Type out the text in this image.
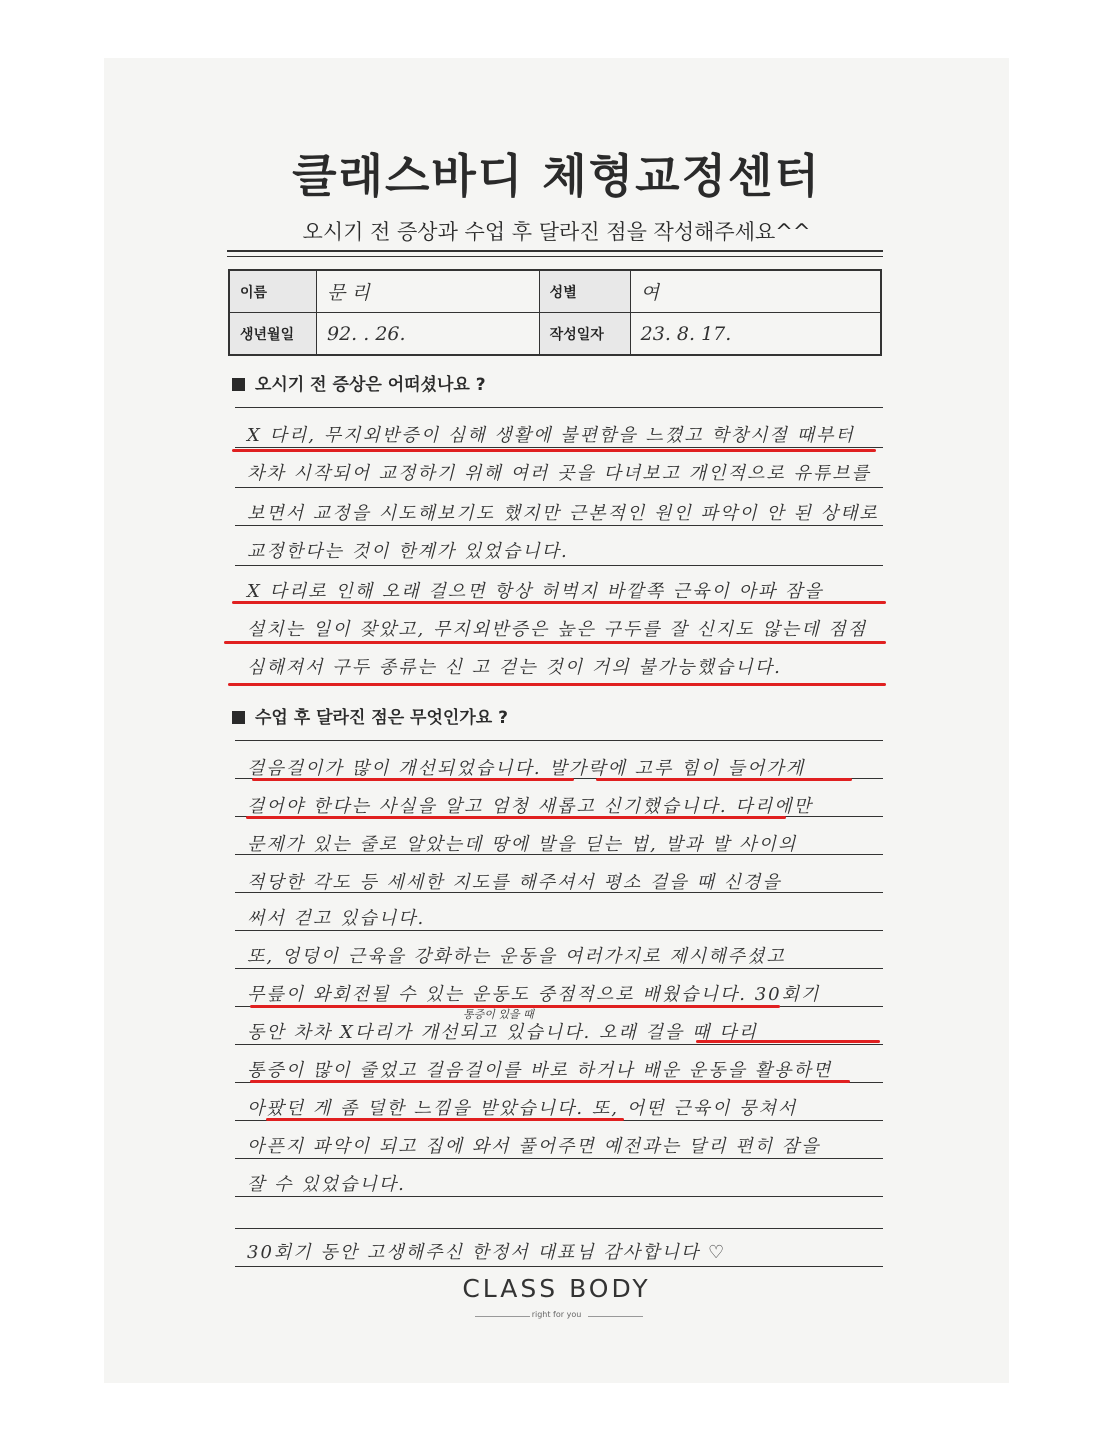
클래스바디 체형교정센터
오시기 전 증상과 수업 후 달라진 점을 작성해주세요^^
이름	문 리	성별	여
생년월일	92. . 26.	작성일자	23. 8. 17.
오시기 전 증상은 어떠셨나요 ?
X 다리, 무지외반증이 심해 생활에 불편함을 느꼈고 학창시절 때부터
차차 시작되어 교정하기 위해 여러 곳을 다녀보고 개인적으로 유튜브를
보면서 교정을 시도해보기도 했지만 근본적인 원인 파악이 안 된 상태로
교정한다는 것이 한계가 있었습니다.
X 다리로 인해 오래 걸으면 항상 허벅지 바깥쪽 근육이 아파 잠을
설치는 일이 잦았고, 무지외반증은 높은 구두를 잘 신지도 않는데 점점
심해져서 구두 종류는 신 고 걷는 것이 거의 불가능했습니다.
수업 후 달라진 점은 무엇인가요 ?
걸음걸이가 많이 개선되었습니다. 발가락에 고루 힘이 들어가게
걸어야 한다는 사실을 알고 엄청 새롭고 신기했습니다. 다리에만
문제가 있는 줄로 알았는데 땅에 발을 딛는 법, 발과 발 사이의
적당한 각도 등 세세한 지도를 해주셔서 평소 걸을 때 신경을
써서 걷고 있습니다.
또, 엉덩이 근육을 강화하는 운동을 여러가지로 제시해주셨고
무릎이 와회전될 수 있는 운동도 중점적으로 배웠습니다. 30회기
동안 차차 X다리가 개선되고 있습니다. 오래 걸을 때 다리
통증이 있을 때
통증이 많이 줄었고 걸음걸이를 바로 하거나 배운 운동을 활용하면
아팠던 게 좀 덜한 느낌을 받았습니다. 또, 어떤 근육이 뭉쳐서
아픈지 파악이 되고 집에 와서 풀어주면 예전과는 달리 편히 잠을
잘 수 있었습니다.
30회기 동안 고생해주신 한정서 대표님 감사합니다 ♡
CLASS BODY
right for you
